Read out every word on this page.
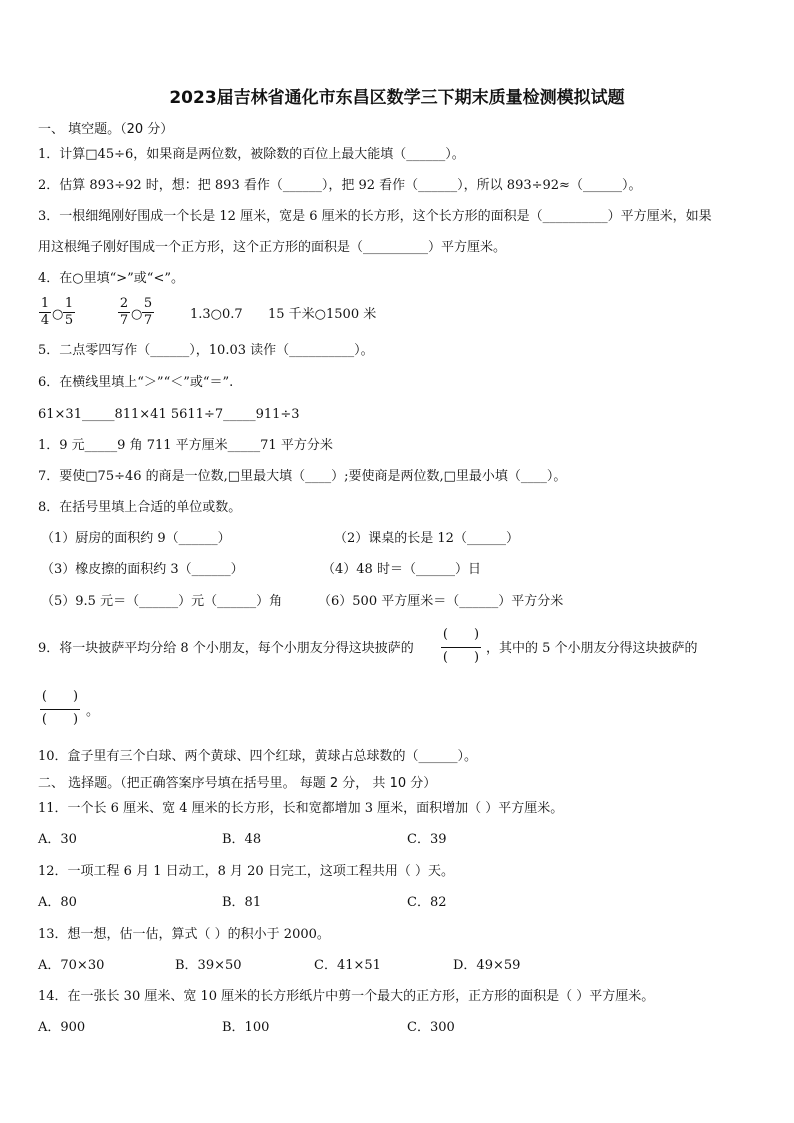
2023届吉林省通化市东昌区数学三下期末质量检测模拟试题
一、 填空题。（20 分）
1．计算□45÷6，如果商是两位数，被除数的百位上最大能填（______）。
2．估算 893÷92 时，想：把 893 看作（______），把 92 看作（______），所以 893÷92≈（______）。
3．一根细绳刚好围成一个长是 12 厘米，宽是 6 厘米的长方形，这个长方形的面积是（__________）平方厘米，如果
用这根绳子刚好围成一个正方形，这个正方形的面积是（__________）平方厘米。
4．在○里填“>”或“<”。
1
4 ○
1
5
2
7 ○
5
7	1.3○0.7 15 千米○1500 米
5．二点零四写作（______），10.03 读作（__________）。
6．在横线里填上“＞”“＜”或“＝”.
61×31_____811×41 5611÷7_____911÷3
1．9 元_____9 角 711 平方厘米_____71 平方分米
7．要使□75÷46 的商是一位数,□里最大填（____）;要使商是两位数,□里最小填（____）。
8．在括号里填上合适的单位或数。
（1）厨房的面积约 9（______）	（2）课桌的长是 12（______）
（3）橡皮擦的面积约 3（______）	（4）48 时＝（______）日
（5）9.5 元＝（______）元（______）角	（6）500 平方厘米＝（______）平方分米
9．将一块披萨平均分给 8 个小朋友，每个小朋友分得这块披萨的
( )
( )
，其中的 5 个小朋友分得这块披萨的
( )
( )
。
10．盒子里有三个白球、两个黄球、四个红球，黄球占总球数的（______）。
二、 选择题。（把正确答案序号填在括号里。 每题 2 分， 共 10 分）
11．一个长 6 厘米、宽 4 厘米的长方形，长和宽都增加 3 厘米，面积增加（ ）平方厘米。
A．30	B．48	C．39
12．一项工程 6 月 1 日动工，8 月 20 日完工，这项工程共用（ ）天。
A．80	B．81	C．82
13．想一想，估一估，算式（ ）的积小于 2000。
A．70×30	B．39×50	C．41×51	D．49×59
14．在一张长 30 厘米、宽 10 厘米的长方形纸片中剪一个最大的正方形，正方形的面积是（ ）平方厘米。
A．900	B．100	C．300
